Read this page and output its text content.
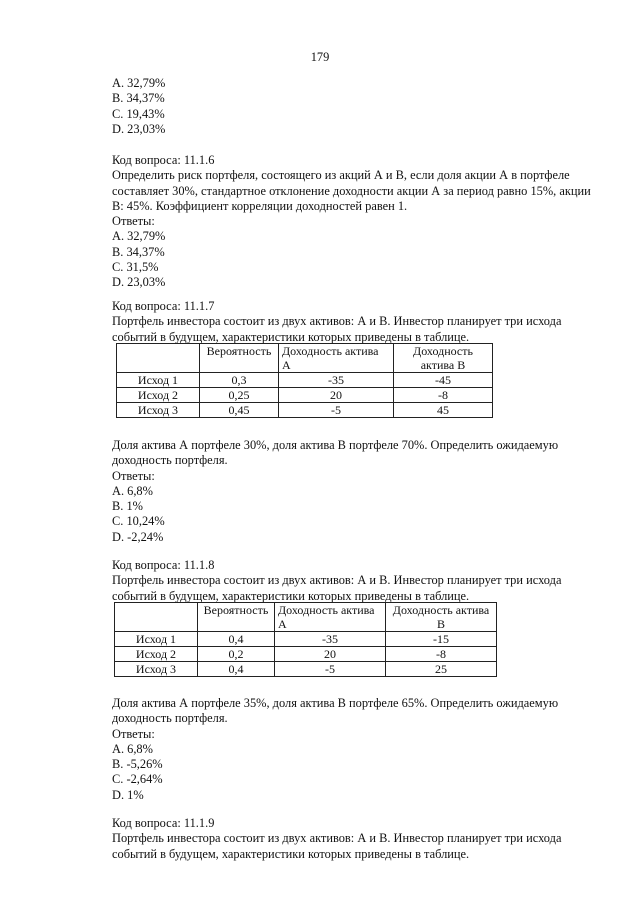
179
A. 32,79%
B. 34,37%
C. 19,43%
D. 23,03%
Код вопроса: 11.1.6
Определить риск портфеля, состоящего из акций А и В, если доля акции А в портфеле
составляет 30%, стандартное отклонение доходности акции А за период равно 15%, акции
В: 45%. Коэффициент корреляции доходностей равен 1.
Ответы:
A. 32,79%
B. 34,37%
C. 31,5%
D. 23,03%
Код вопроса: 11.1.7
Портфель инвестора состоит из двух активов: А и В. Инвестор планирует три исхода
событий в будущем, характеристики которых приведены в таблице.
	Вероятность	Доходность актива А	Доходность актива В
Исход 1	0,3	-35	-45
Исход 2	0,25	20	-8
Исход 3	0,45	-5	45
Доля актива А портфеле 30%, доля актива В портфеле 70%. Определить ожидаемую
доходность портфеля.
Ответы:
A. 6,8%
B. 1%
C. 10,24%
D. -2,24%
Код вопроса: 11.1.8
Портфель инвестора состоит из двух активов: А и В. Инвестор планирует три исхода
событий в будущем, характеристики которых приведены в таблице.
	Вероятность	Доходность актива А	Доходность актива В
Исход 1	0,4	-35	-15
Исход 2	0,2	20	-8
Исход 3	0,4	-5	25
Доля актива А портфеле 35%, доля актива В портфеле 65%. Определить ожидаемую
доходность портфеля.
Ответы:
A. 6,8%
B. -5,26%
C. -2,64%
D. 1%
Код вопроса: 11.1.9
Портфель инвестора состоит из двух активов: А и В. Инвестор планирует три исхода
событий в будущем, характеристики которых приведены в таблице.
